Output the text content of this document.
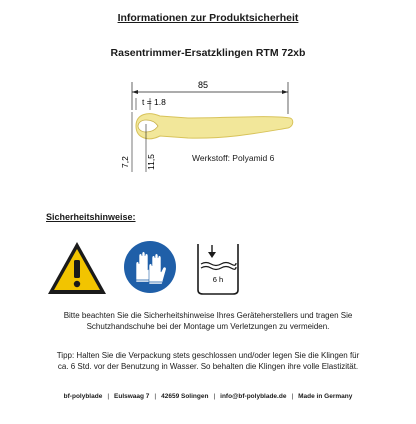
Informationen zur Produktsicherheit
Rasentrimmer-Ersatzklingen RTM 72xb
85
t = 1.8
7,2 11,5	Werkstoff: Polyamid 6
Sicherheitshinweise:
6 h
Bitte beachten Sie die Sicherheitshinweise Ihres Geräteherstellers und tragen Sie
Schutzhandschuhe bei der Montage um Verletzungen zu vermeiden.
Tipp: Halten Sie die Verpackung stets geschlossen und/oder legen Sie die Klingen für
ca. 6 Std. vor der Benutzung in Wasser. So behalten die Klingen ihre volle Elastizität.
bf-polyblade | Eulswaag 7 | 42659 Solingen | info@bf-polyblade.de | Made in Germany
